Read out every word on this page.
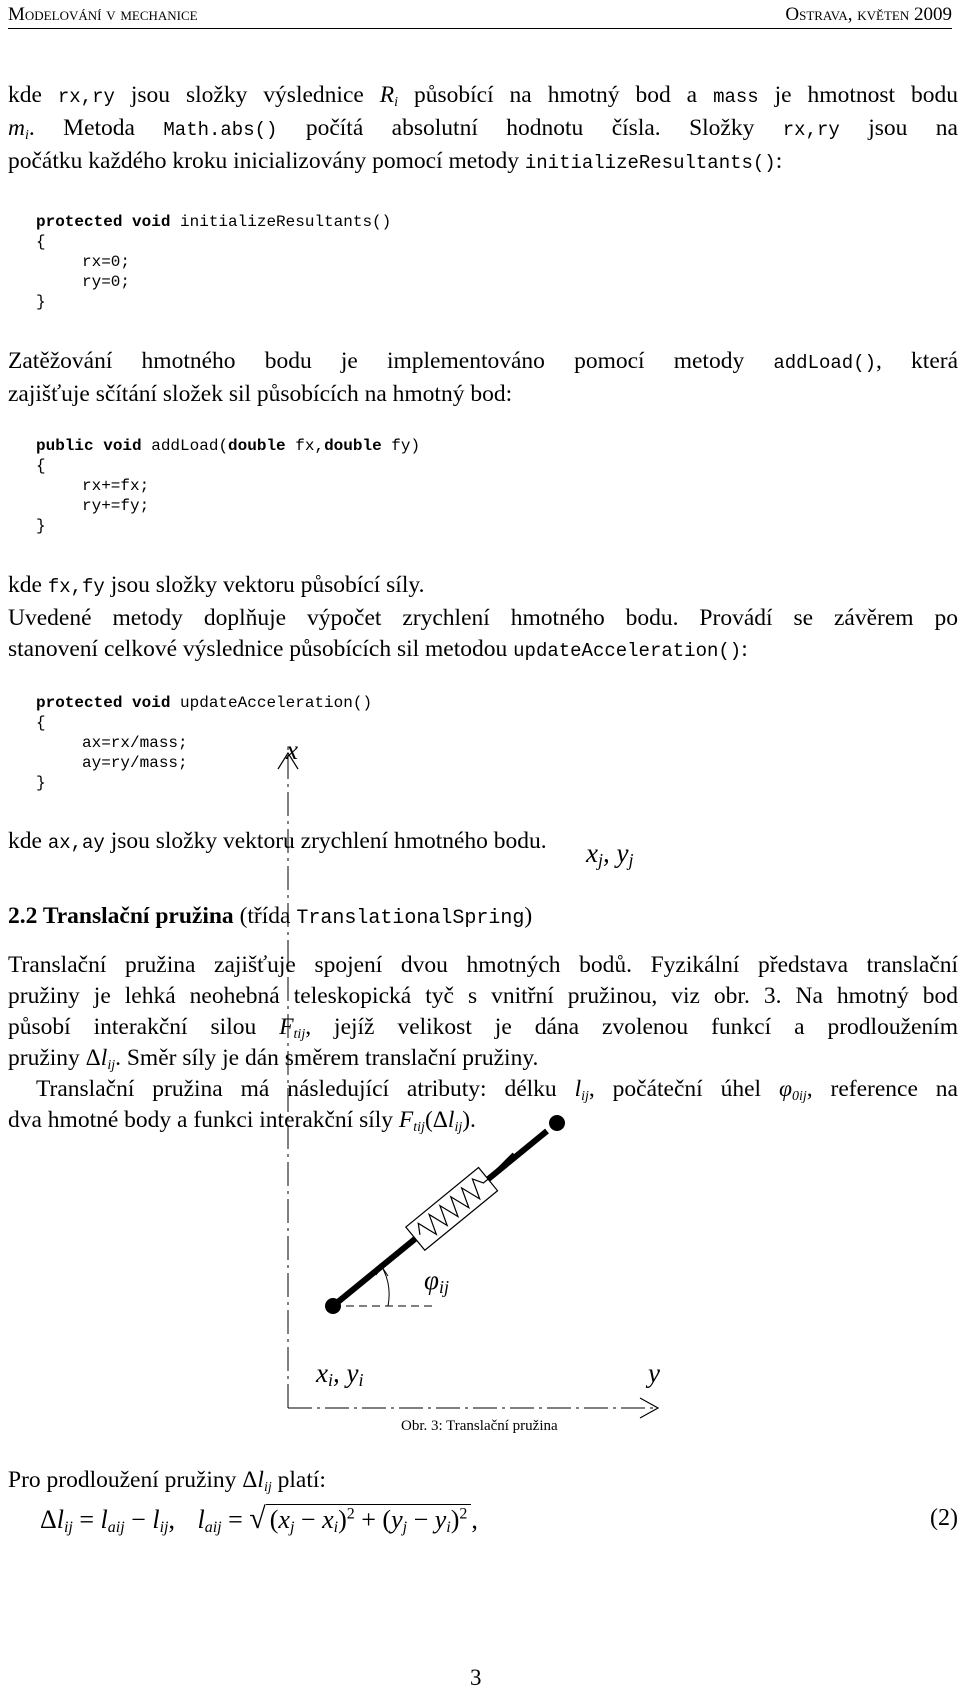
Modelování v mechanice	Ostrava, květen 2009
kde rx,ry jsou složky výslednice $R_i$ působící na hmotný bod a mass je hmotnost bodu
$m_i$. Metoda Math.abs() počítá absolutní hodnotu čísla. Složky rx,ry jsou na
počátku každého kroku inicializovány pomocí metody initializeResultants():
protected void initializeResultants()
{
rx=0;
ry=0;
}
Zatěžování hmotného bodu je implementováno pomocí metody addLoad(), která
zajišťuje sčítání složek sil působících na hmotný bod:
public void addLoad(double fx,double fy)
{
rx+=fx;
ry+=fy;
}
kde fx,fy jsou složky vektoru působící síly.
Uvedené metody doplňuje výpočet zrychlení hmotného bodu. Provádí se závěrem po
stanovení celkové výslednice působících sil metodou updateAcceleration():
protected void updateAcceleration()
{
ax=rx/mass;
ay=ry/mass;
}
kde ax,ay jsou složky vektoru zrychlení hmotného bodu.
2.2 Translační pružina (třída TranslationalSpring)
Translační pružina zajišťuje spojení dvou hmotných bodů. Fyzikální představa translační
pružiny je lehká neohebná teleskopická tyč s vnitřní pružinou, viz obr. 3. Na hmotný bod
působí interakční silou $F_{tij}$, jejíž velikost je dána zvolenou funkcí a prodloužením
pružiny $\Delta l_{ij}$. Směr síly je dán směrem translační pružiny.
Translační pružina má následující atributy: délku $l_{ij}$, počáteční úhel $\varphi_{0ij}$, reference na
dva hmotné body a funkci interakční síly $F_{tij}(\Delta l_{ij})$.
x
y
$x_j$, $y_j$
$x_i$, $y_i$
$\varphi_{ij}$
Obr. 3: Translační pružina
Pro prodloužení pružiny $\Delta l_{ij}$ platí:
$\Delta l_{ij} = l_{aij} - l_{ij}$, $l_{aij}$ = √ $(x_j - x_i)^2 + (y_j - y_i)^2$ ,	(2)
3
